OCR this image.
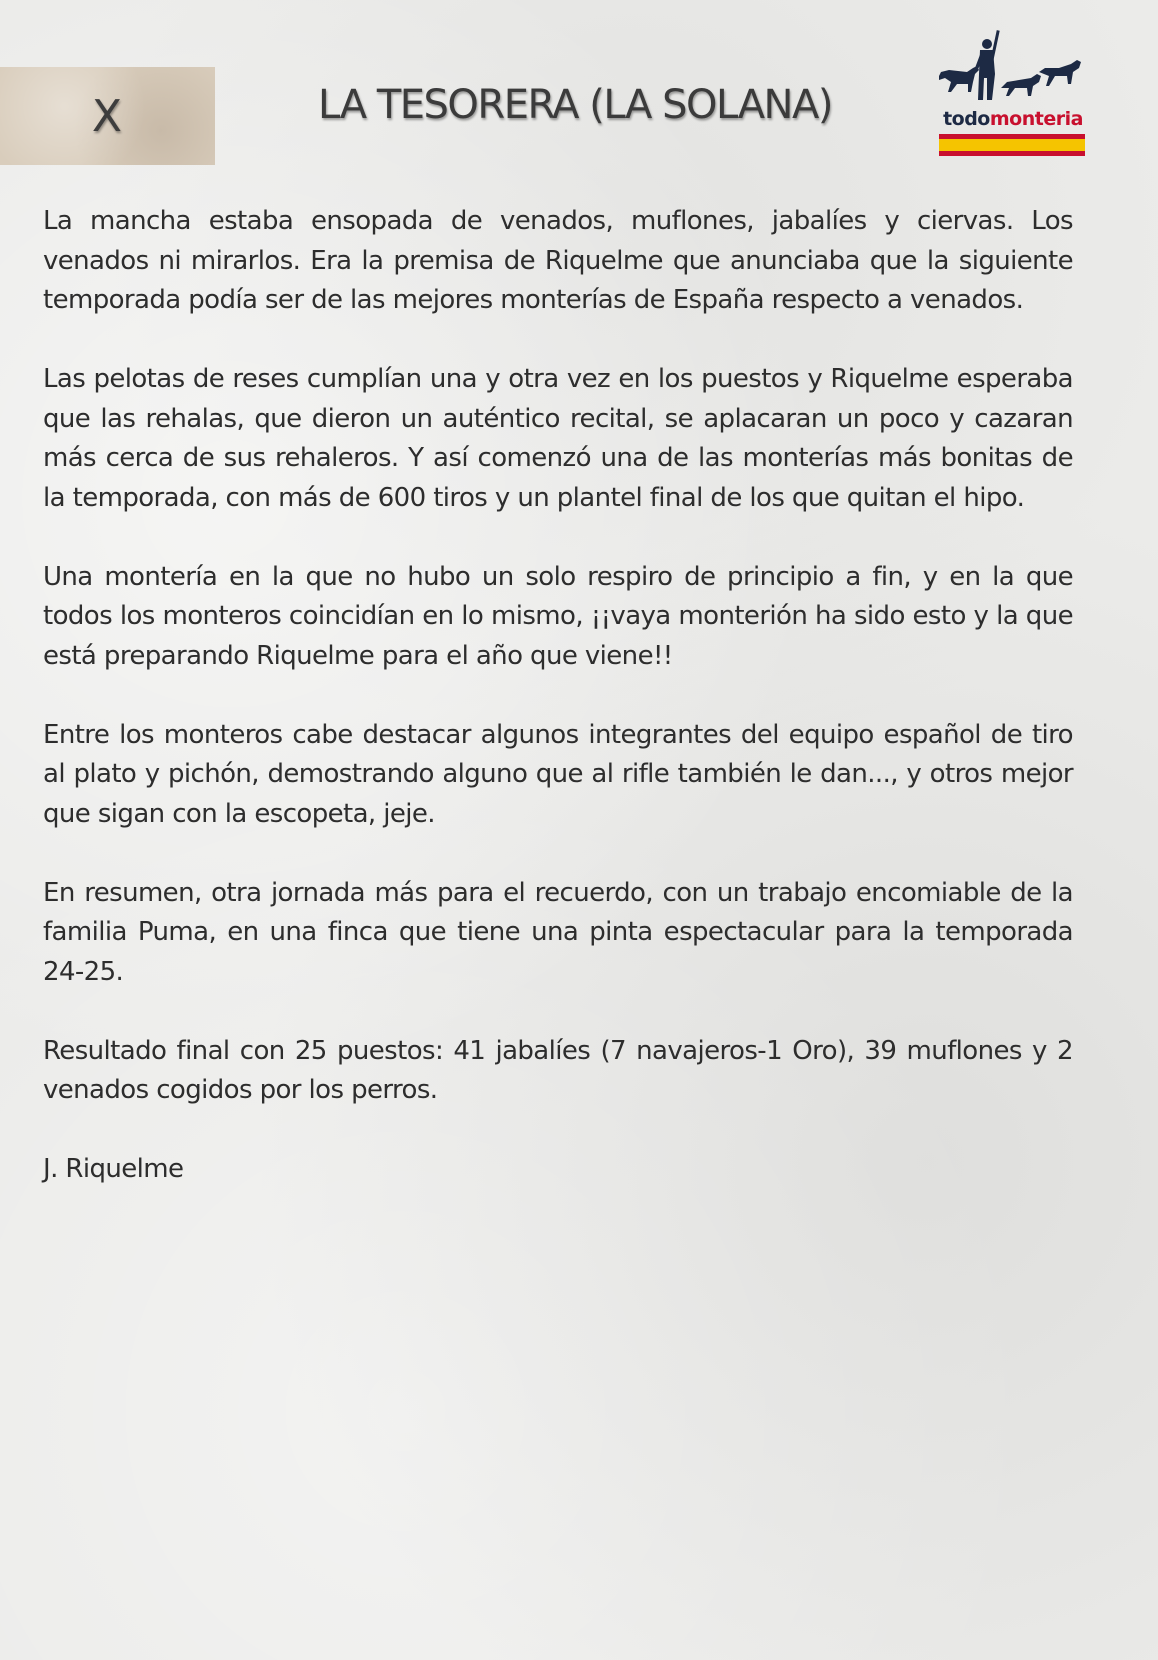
X	LA TESORERA (LA SOLANA)	todomonteria

La mancha estaba ensopada de venados, muflones, jabalíes y ciervas. Los venados ni mirarlos. Era la premisa de Riquelme que anunciaba que la siguiente temporada podía ser de las mejores monterías de España respecto a venados.

Las pelotas de reses cumplían una y otra vez en los puestos y Riquelme esperaba que las rehalas, que dieron un auténtico recital, se aplacaran un poco y cazaran más cerca de sus rehaleros. Y así comenzó una de las monterías más bonitas de la temporada, con más de 600 tiros y un plantel final de los que quitan el hipo.

Una montería en la que no hubo un solo respiro de principio a fin, y en la que todos los monteros coincidían en lo mismo, ¡¡vaya monterión ha sido esto y la que está preparando Riquelme para el año que viene!!

Entre los monteros cabe destacar algunos integrantes del equipo español de tiro al plato y pichón, demostrando alguno que al rifle también le dan..., y otros mejor que sigan con la escopeta, jeje.

En resumen, otra jornada más para el recuerdo, con un trabajo encomiable de la familia Puma, en una finca que tiene una pinta espectacular para la temporada 24-25.

Resultado final con 25 puestos: 41 jabalíes (7 navajeros-1 Oro), 39 muflones y 2 venados cogidos por los perros.

J. Riquelme
